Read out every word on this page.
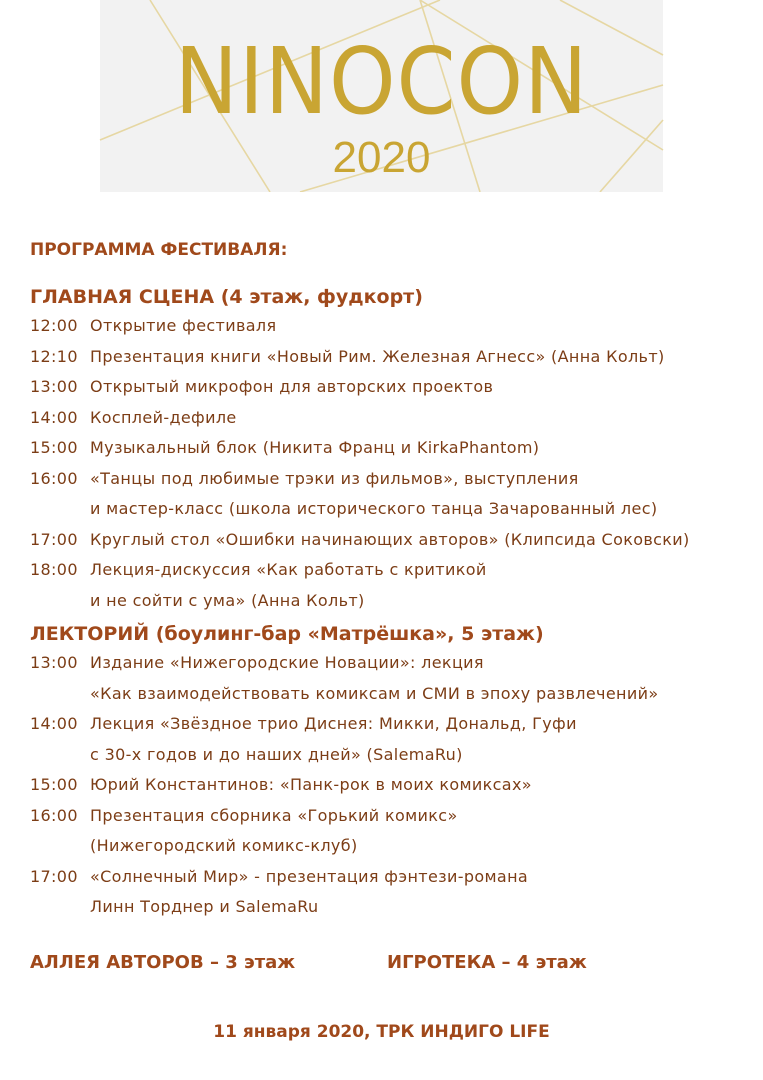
NINOCON
2020
ПРОГРАММА ФЕСТИВАЛЯ:
ГЛАВНАЯ СЦЕНА (4 этаж, фудкорт)
12:00 Открытие фестиваля
12:10 Презентация книги «Новый Рим. Железная Агнесс» (Анна Кольт)
13:00 Открытый микрофон для авторских проектов
14:00 Косплей-дефиле
15:00 Музыкальный блок (Никита Франц и KirkaPhantom)
16:00 «Танцы под любимые трэки из фильмов», выступления
и мастер-класс (школа исторического танца Зачарованный лес)
17:00 Круглый стол «Ошибки начинающих авторов» (Клипсида Соковски)
18:00 Лекция-дискуссия «Как работать с критикой
и не сойти с ума» (Анна Кольт)
ЛЕКТОРИЙ (боулинг-бар «Матрёшка», 5 этаж)
13:00 Издание «Нижегородские Новации»: лекция
«Как взаимодействовать комиксам и СМИ в эпоху развлечений»
14:00 Лекция «Звёздное трио Диснея: Микки, Дональд, Гуфи
с 30-х годов и до наших дней» (SalemaRu)
15:00 Юрий Константинов: «Панк-рок в моих комиксах»
16:00 Презентация сборника «Горький комикс»
(Нижегородский комикс-клуб)
17:00 «Солнечный Мир» - презентация фэнтези-романа
Линн Торднер и SalemaRu
АЛЛЕЯ АВТОРОВ – 3 этаж	ИГРОТЕКА – 4 этаж
11 января 2020, ТРК ИНДИГО LIFE
